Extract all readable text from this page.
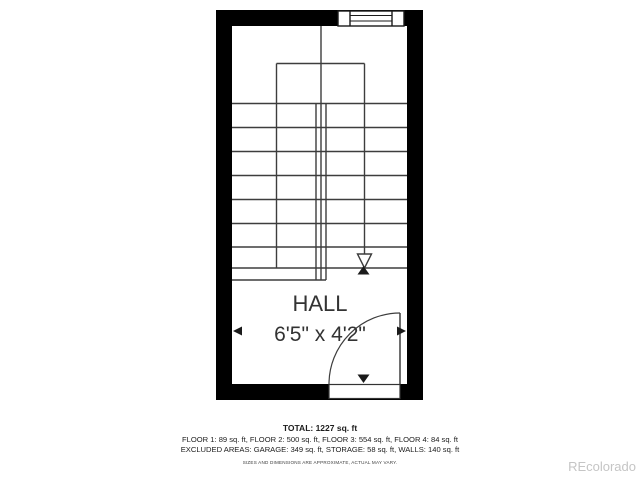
HALL
6'5" x 4'2"
TOTAL: 1227 sq. ft
FLOOR 1: 89 sq. ft, FLOOR 2: 500 sq. ft, FLOOR 3: 554 sq. ft, FLOOR 4: 84 sq. ft
EXCLUDED AREAS: GARAGE: 349 sq. ft, STORAGE: 58 sq. ft, WALLS: 140 sq. ft
SIZES AND DIMENSIONS ARE APPROXIMATE, ACTUAL MAY VARY.	REcolorado
